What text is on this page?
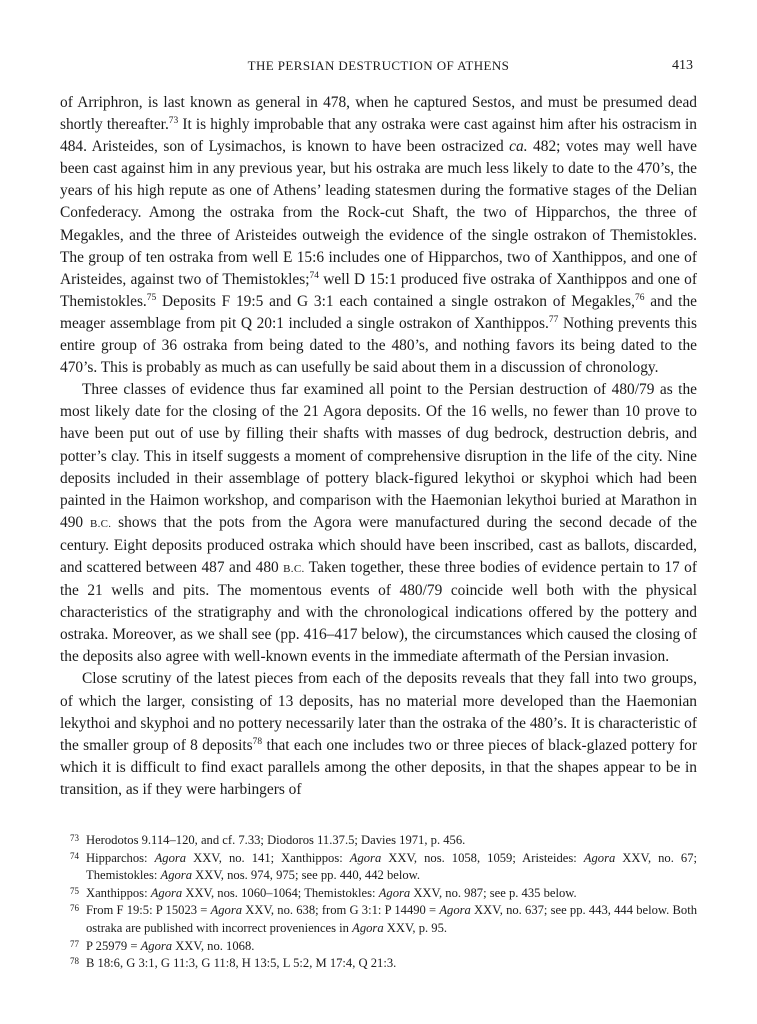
THE PERSIAN DESTRUCTION OF ATHENS	413

of Arriphron, is last known as general in 478, when he captured Sestos, and must be presumed dead shortly thereafter.$^{73}$ It is highly improbable that any ostraka were cast against him after his ostracism in 484. Aristeides, son of Lysimachos, is known to have been ostracized ca. 482; votes may well have been cast against him in any previous year, but his ostraka are much less likely to date to the 470’s, the years of his high repute as one of Athens’ leading statesmen during the formative stages of the Delian Confederacy. Among the ostraka from the Rock-cut Shaft, the two of Hipparchos, the three of Megakles, and the three of Aristeides outweigh the evidence of the single ostrakon of Themistokles. The group of ten ostraka from well E 15:6 includes one of Hipparchos, two of Xanthippos, and one of Aristeides, against two of Themistokles;$^{74}$ well D 15:1 produced five ostraka of Xanthippos and one of Themistokles.$^{75}$ Deposits F 19:5 and G 3:1 each contained a single ostrakon of Megakles,$^{76}$ and the meager assemblage from pit Q 20:1 included a single ostrakon of Xanthippos.$^{77}$ Nothing prevents this entire group of 36 ostraka from being dated to the 480’s, and nothing favors its being dated to the 470’s. This is probably as much as can usefully be said about them in a discussion of chronology.

Three classes of evidence thus far examined all point to the Persian destruction of 480/79 as the most likely date for the closing of the 21 Agora deposits. Of the 16 wells, no fewer than 10 prove to have been put out of use by filling their shafts with masses of dug bedrock, destruction debris, and potter’s clay. This in itself suggests a moment of comprehensive disruption in the life of the city. Nine deposits included in their assemblage of pottery black-figured lekythoi or skyphoi which had been painted in the Haimon workshop, and comparison with the Haemonian lekythoi buried at Marathon in 490 B.C. shows that the pots from the Agora were manufactured during the second decade of the century. Eight deposits produced ostraka which should have been inscribed, cast as ballots, discarded, and scattered between 487 and 480 B.C. Taken together, these three bodies of evidence pertain to 17 of the 21 wells and pits. The momentous events of 480/79 coincide well both with the physical characteristics of the stratigraphy and with the chronological indications offered by the pottery and ostraka. Moreover, as we shall see (pp. 416–417 below), the circumstances which caused the closing of the deposits also agree with well-known events in the immediate aftermath of the Persian invasion.

Close scrutiny of the latest pieces from each of the deposits reveals that they fall into two groups, of which the larger, consisting of 13 deposits, has no material more developed than the Haemonian lekythoi and skyphoi and no pottery necessarily later than the ostraka of the 480’s. It is characteristic of the smaller group of 8 deposits$^{78}$ that each one includes two or three pieces of black-glazed pottery for which it is difficult to find exact parallels among the other deposits, in that the shapes appear to be in transition, as if they were harbingers of

73 Herodotos 9.114–120, and cf. 7.33; Diodoros 11.37.5; Davies 1971, p. 456.

74 Hipparchos: Agora XXV, no. 141; Xanthippos: Agora XXV, nos. 1058, 1059; Aristeides: Agora XXV, no. 67; Themistokles: Agora XXV, nos. 974, 975; see pp. 440, 442 below.

75 Xanthippos: Agora XXV, nos. 1060–1064; Themistokles: Agora XXV, no. 987; see p. 435 below.

76 From F 19:5: P 15023 = Agora XXV, no. 638; from G 3:1: P 14490 = Agora XXV, no. 637; see pp. 443, 444 below. Both ostraka are published with incorrect proveniences in Agora XXV, p. 95.

77 P 25979 = Agora XXV, no. 1068.

78 B 18:6, G 3:1, G 11:3, G 11:8, H 13:5, L 5:2, M 17:4, Q 21:3.
